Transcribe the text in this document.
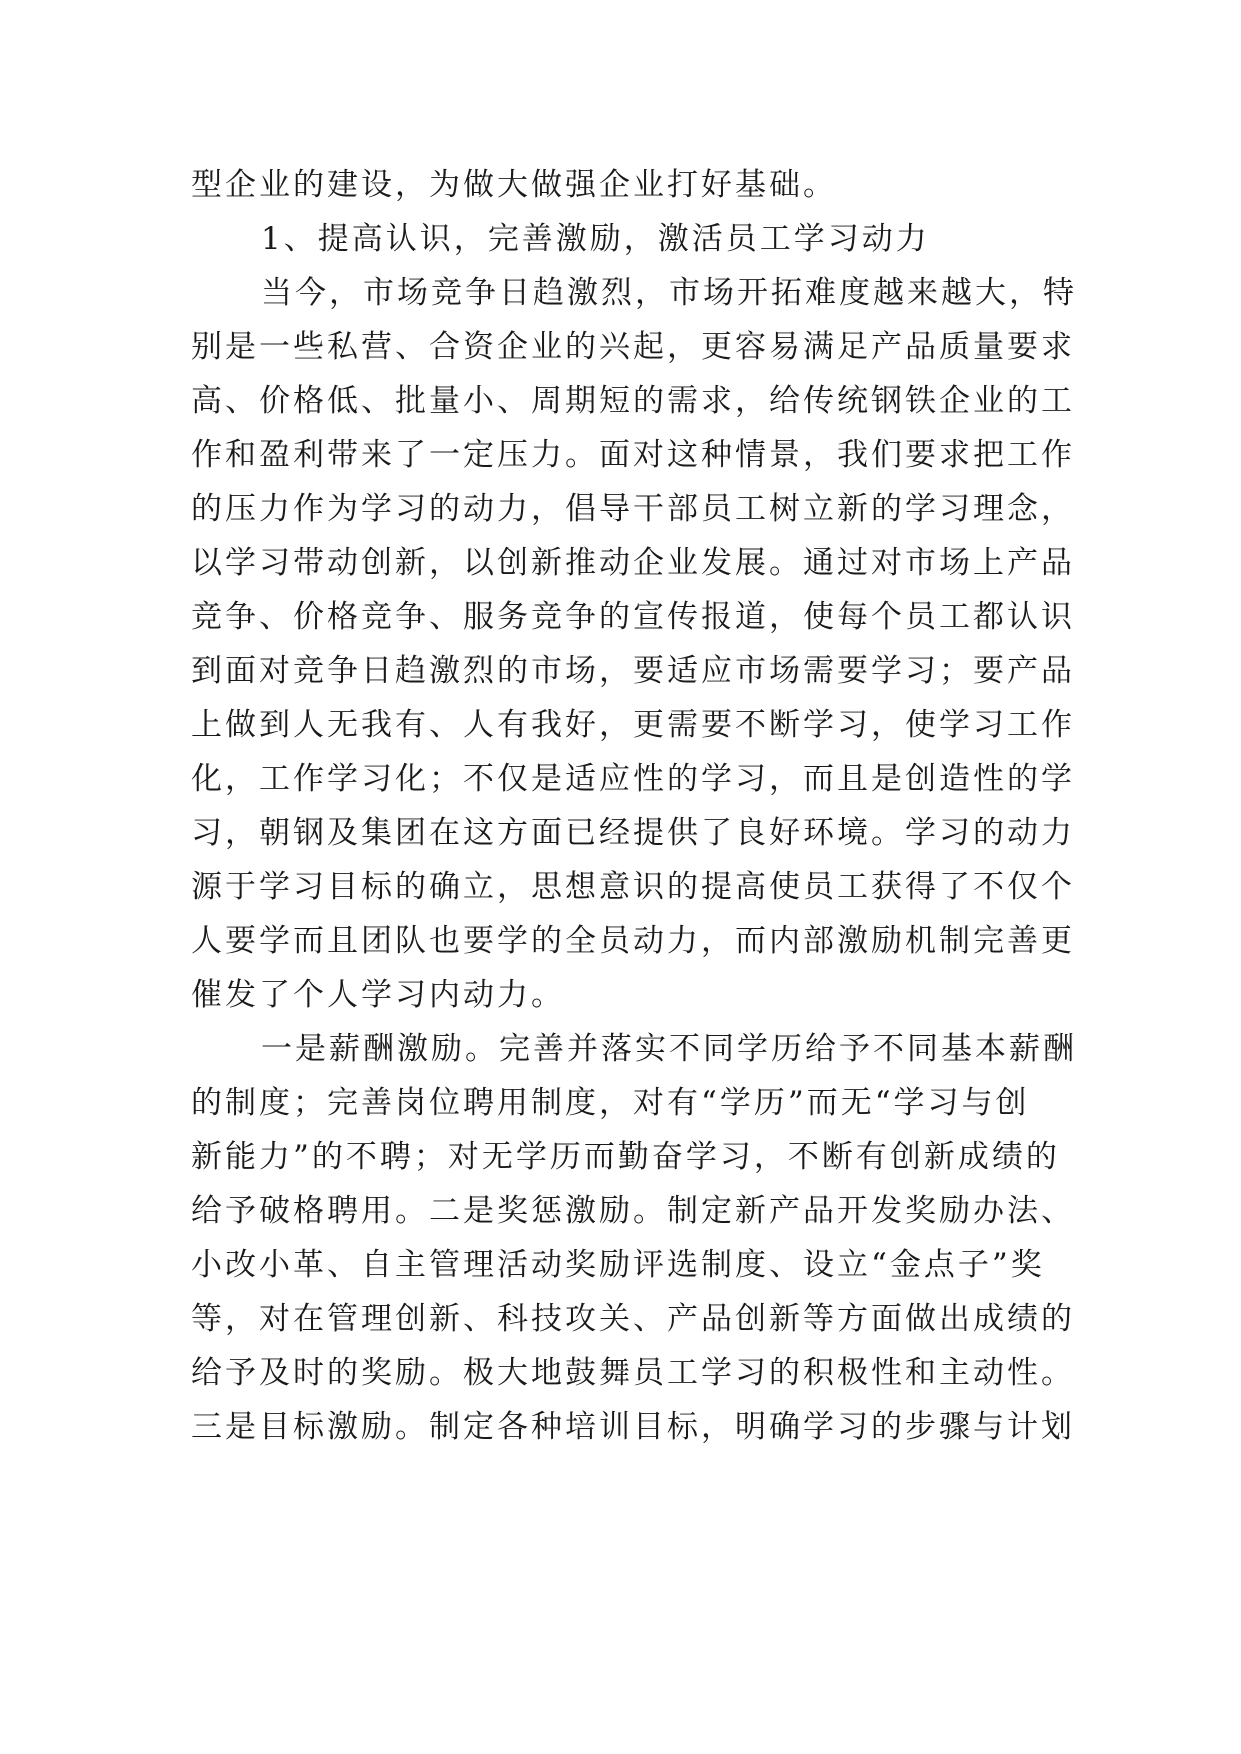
型企业的建设，为做大做强企业打好基础。
1、提高认识，完善激励，激活员工学习动力
当今，市场竞争日趋激烈，市场开拓难度越来越大，特
别是一些私营、合资企业的兴起，更容易满足产品质量要求
高、价格低、批量小、周期短的需求，给传统钢铁企业的工
作和盈利带来了一定压力。面对这种情景，我们要求把工作
的压力作为学习的动力，倡导干部员工树立新的学习理念，
以学习带动创新，以创新推动企业发展。通过对市场上产品
竞争、价格竞争、服务竞争的宣传报道，使每个员工都认识
到面对竞争日趋激烈的市场，要适应市场需要学习；要产品
上做到人无我有、人有我好，更需要不断学习，使学习工作
化，工作学习化；不仅是适应性的学习，而且是创造性的学
习，朝钢及集团在这方面已经提供了良好环境。学习的动力
源于学习目标的确立，思想意识的提高使员工获得了不仅个
人要学而且团队也要学的全员动力，而内部激励机制完善更
催发了个人学习内动力。
一是薪酬激励。完善并落实不同学历给予不同基本薪酬
的制度；完善岗位聘用制度，对有“学历”而无“学习与创
新能力”的不聘；对无学历而勤奋学习，不断有创新成绩的
给予破格聘用。二是奖惩激励。制定新产品开发奖励办法、
小改小革、自主管理活动奖励评选制度、设立“金点子”奖
等，对在管理创新、科技攻关、产品创新等方面做出成绩的
给予及时的奖励。极大地鼓舞员工学习的积极性和主动性。
三是目标激励。制定各种培训目标，明确学习的步骤与计划
